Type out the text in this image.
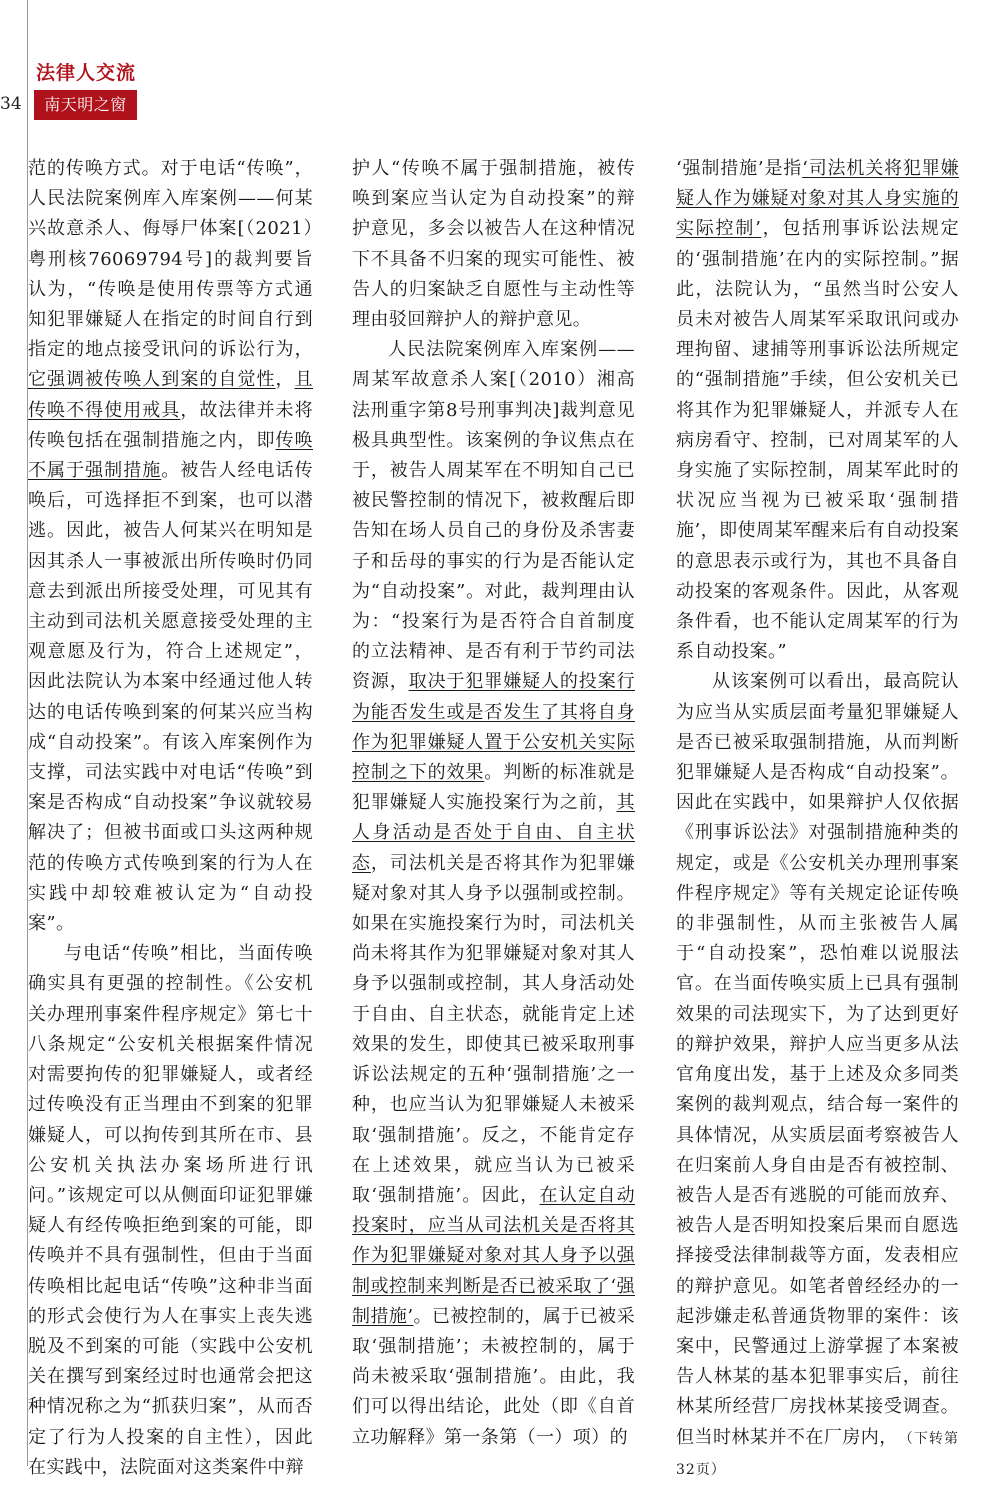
法律人交流
34	南天明之窗

范的传唤方式。对于电话“传唤”，人民法院案例库入库案例——何某兴故意杀人、侮辱尸体案[（2021）粤刑核76069794号]的裁判要旨认为，“传唤是使用传票等方式通知犯罪嫌疑人在指定的时间自行到指定的地点接受讯问的诉讼行为，它强调被传唤人到案的自觉性，且传唤不得使用戒具，故法律并未将传唤包括在强制措施之内，即传唤不属于强制措施。被告人经电话传唤后，可选择拒不到案，也可以潜逃。因此，被告人何某兴在明知是因其杀人一事被派出所传唤时仍同意去到派出所接受处理，可见其有主动到司法机关愿意接受处理的主观意愿及行为，符合上述规定”，因此法院认为本案中经通过他人转达的电话传唤到案的何某兴应当构成“自动投案”。有该入库案例作为支撑，司法实践中对电话“传唤”到案是否构成“自动投案”争议就较易解决了；但被书面或口头这两种规范的传唤方式传唤到案的行为人在实践中却较难被认定为“自动投案”。

与电话“传唤”相比，当面传唤确实具有更强的控制性。《公安机关办理刑事案件程序规定》第七十八条规定“公安机关根据案件情况对需要拘传的犯罪嫌疑人，或者经过传唤没有正当理由不到案的犯罪嫌疑人，可以拘传到其所在市、县公安机关执法办案场所进行讯问。”该规定可以从侧面印证犯罪嫌疑人有经传唤拒绝到案的可能，即传唤并不具有强制性，但由于当面传唤相比起电话“传唤”这种非当面的形式会使行为人在事实上丧失逃脱及不到案的可能（实践中公安机关在撰写到案经过时也通常会把这种情况称之为“抓获归案”，从而否定了行为人投案的自主性），因此在实践中，法院面对这类案件中辩

护人“传唤不属于强制措施，被传唤到案应当认定为自动投案”的辩护意见，多会以被告人在这种情况下不具备不归案的现实可能性、被告人的归案缺乏自愿性与主动性等理由驳回辩护人的辩护意见。

人民法院案例库入库案例——周某军故意杀人案[（2010）湘高法刑重字第8号刑事判决]裁判意见极具典型性。该案例的争议焦点在于，被告人周某军在不明知自己已被民警控制的情况下，被救醒后即告知在场人员自己的身份及杀害妻子和岳母的事实的行为是否能认定为“自动投案”。对此，裁判理由认为：“投案行为是否符合自首制度的立法精神、是否有利于节约司法资源，取决于犯罪嫌疑人的投案行为能否发生或是否发生了其将自身作为犯罪嫌疑人置于公安机关实际控制之下的效果。判断的标准就是犯罪嫌疑人实施投案行为之前，其人身活动是否处于自由、自主状态，司法机关是否将其作为犯罪嫌疑对象对其人身予以强制或控制。如果在实施投案行为时，司法机关尚未将其作为犯罪嫌疑对象对其人身予以强制或控制，其人身活动处于自由、自主状态，就能肯定上述效果的发生，即使其已被采取刑事诉讼法规定的五种‘强制措施’之一种，也应当认为犯罪嫌疑人未被采取‘强制措施’。反之，不能肯定存在上述效果，就应当认为已被采取‘强制措施’。因此，在认定自动投案时，应当从司法机关是否将其作为犯罪嫌疑对象对其人身予以强制或控制来判断是否已被采取了‘强制措施’。已被控制的，属于已被采取‘强制措施’；未被控制的，属于尚未被采取‘强制措施’。由此，我们可以得出结论，此处（即《自首立功解释》第一条第（一）项）的

‘强制措施’是指‘司法机关将犯罪嫌疑人作为嫌疑对象对其人身实施的实际控制’，包括刑事诉讼法规定的‘强制措施’在内的实际控制。”据此，法院认为，“虽然当时公安人员未对被告人周某军采取讯问或办理拘留、逮捕等刑事诉讼法所规定的“强制措施”手续，但公安机关已将其作为犯罪嫌疑人，并派专人在病房看守、控制，已对周某军的人身实施了实际控制，周某军此时的状况应当视为已被采取‘强制措施’，即使周某军醒来后有自动投案的意思表示或行为，其也不具备自动投案的客观条件。因此，从客观条件看，也不能认定周某军的行为系自动投案。”

从该案例可以看出，最高院认为应当从实质层面考量犯罪嫌疑人是否已被采取强制措施，从而判断犯罪嫌疑人是否构成“自动投案”。因此在实践中，如果辩护人仅依据《刑事诉讼法》对强制措施种类的规定，或是《公安机关办理刑事案件程序规定》等有关规定论证传唤的非强制性，从而主张被告人属于“自动投案”，恐怕难以说服法官。在当面传唤实质上已具有强制效果的司法现实下，为了达到更好的辩护效果，辩护人应当更多从法官角度出发，基于上述及众多同类案例的裁判观点，结合每一案件的具体情况，从实质层面考察被告人在归案前人身自由是否有被控制、被告人是否有逃脱的可能而放弃、被告人是否明知投案后果而自愿选择接受法律制裁等方面，发表相应的辩护意见。如笔者曾经经办的一起涉嫌走私普通货物罪的案件：该案中，民警通过上游掌握了本案被告人林某的基本犯罪事实后，前往林某所经营厂房找林某接受调查。但当时林某并不在厂房内， （下转第32页）
